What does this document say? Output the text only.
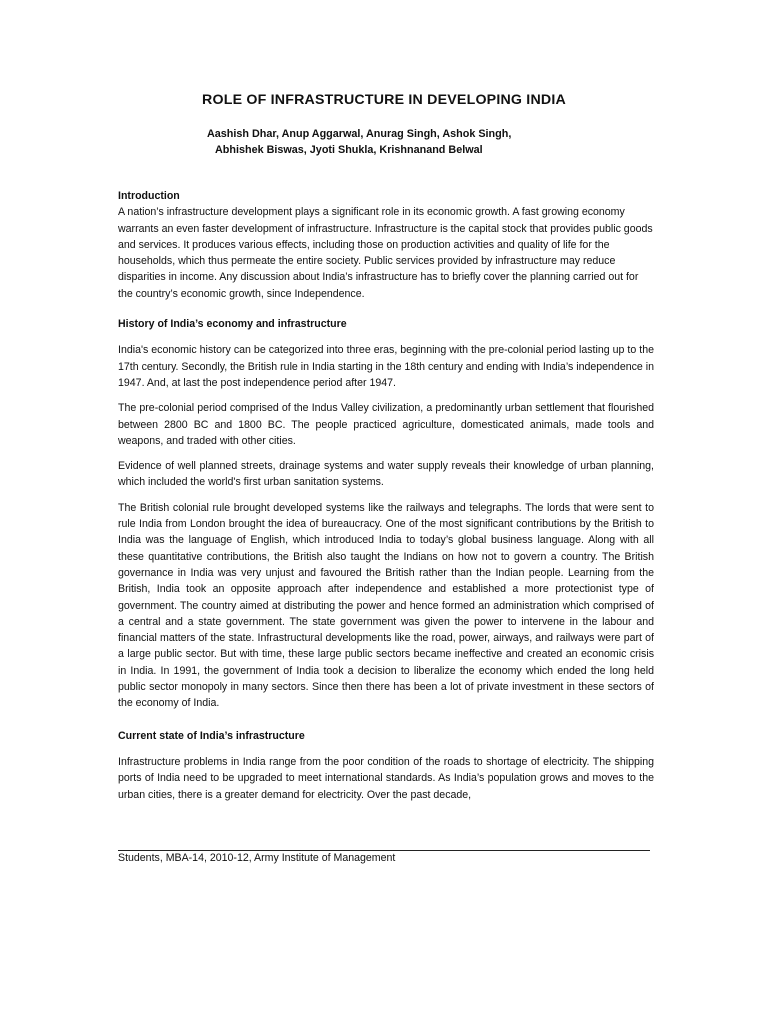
ROLE OF INFRASTRUCTURE IN DEVELOPING INDIA
Aashish Dhar, Anup Aggarwal, Anurag Singh, Ashok Singh,
Abhishek Biswas, Jyoti Shukla, Krishnanand Belwal

Introduction

A nation’s infrastructure development plays a significant role in its economic growth. A fast growing economy warrants an even faster development of infrastructure. Infrastructure is the capital stock that provides public goods and services. It produces various effects, including those on production activities and quality of life for the households, which thus permeate the entire society. Public services provided by infrastructure may reduce disparities in income. Any discussion about India’s infrastructure has to briefly cover the planning carried out for the country’s economic growth, since Independence.

History of India’s economy and infrastructure

India's economic history can be categorized into three eras, beginning with the pre-colonial period lasting up to the 17th century. Secondly, the British rule in India starting in the 18th century and ending with India’s independence in 1947. And, at last the post independence period after 1947.

The pre-colonial period comprised of the Indus Valley civilization, a predominantly urban settlement that flourished between 2800 BC and 1800 BC. The people practiced agriculture, domesticated animals, made tools and weapons, and traded with other cities.

Evidence of well planned streets, drainage systems and water supply reveals their knowledge of urban planning, which included the world's first urban sanitation systems.

The British colonial rule brought developed systems like the railways and telegraphs. The lords that were sent to rule India from London brought the idea of bureaucracy. One of the most significant contributions by the British to India was the language of English, which introduced India to today’s global business language. Along with all these quantitative contributions, the British also taught the Indians on how not to govern a country. The British governance in India was very unjust and favoured the British rather than the Indian people. Learning from the British, India took an opposite approach after independence and established a more protectionist type of government. The country aimed at distributing the power and hence formed an administration which comprised of a central and a state government. The state government was given the power to intervene in the labour and financial matters of the state. Infrastructural developments like the road, power, airways, and railways were part of a large public sector. But with time, these large public sectors became ineffective and created an economic crisis in India. In 1991, the government of India took a decision to liberalize the economy which ended the long held public sector monopoly in many sectors. Since then there has been a lot of private investment in these sectors of the economy of India.

Current state of India’s infrastructure

Infrastructure problems in India range from the poor condition of the roads to shortage of electricity. The shipping ports of India need to be upgraded to meet international standards. As India’s population grows and moves to the urban cities, there is a greater demand for electricity. Over the past decade,

Students, MBA-14, 2010-12, Army Institute of Management
